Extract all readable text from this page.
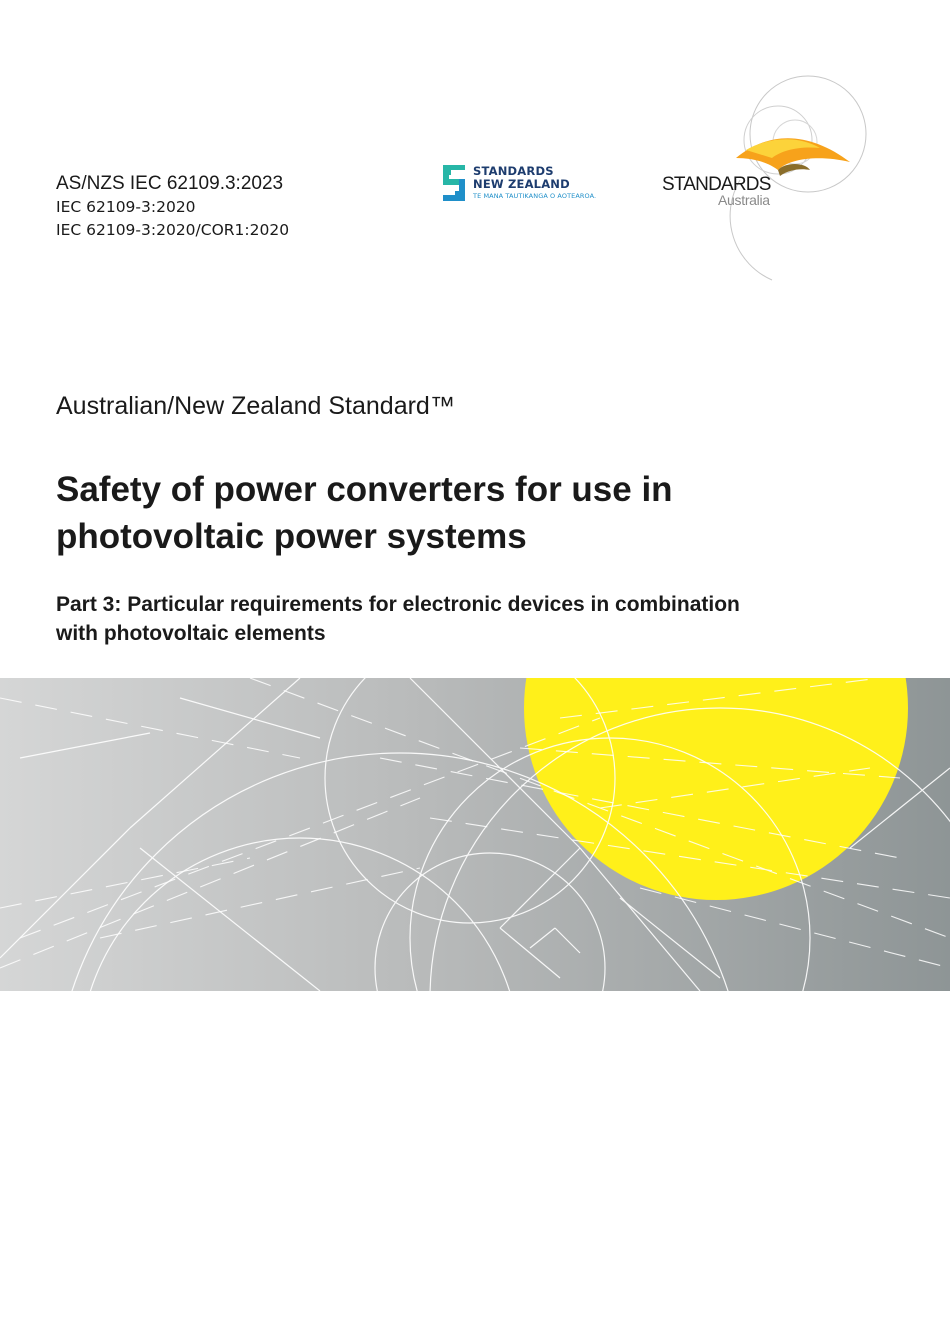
AS/NZS IEC 62109.3:2023
IEC 62109-3:2020
IEC 62109-3:2020/COR1:2020
STANDARDS
NEW ZEALAND
TE MANA TAUTIKANGA O AOTEAROA.
STANDARDS
Australia
Australian/New Zealand Standard™
Safety of power converters for use in
photovoltaic power systems
Part 3: Particular requirements for electronic devices in combination
with photovoltaic elements
